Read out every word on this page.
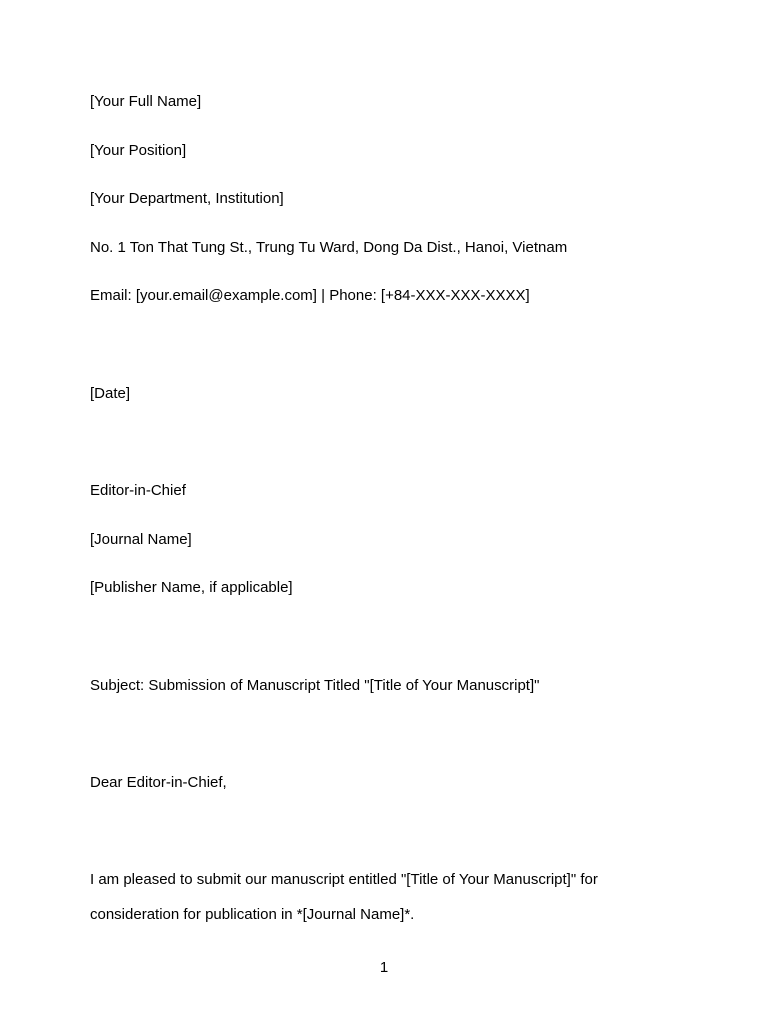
[Your Full Name]
[Your Position]
[Your Department, Institution]
No. 1 Ton That Tung St., Trung Tu Ward, Dong Da Dist., Hanoi, Vietnam
Email: [your.email@example.com] | Phone: [+84-XXX-XXX-XXXX]
[Date]
Editor-in-Chief
[Journal Name]
[Publisher Name, if applicable]
Subject: Submission of Manuscript Titled "[Title of Your Manuscript]"
Dear Editor-in-Chief,
I am pleased to submit our manuscript entitled "[Title of Your Manuscript]" for
consideration for publication in *[Journal Name]*.
1
